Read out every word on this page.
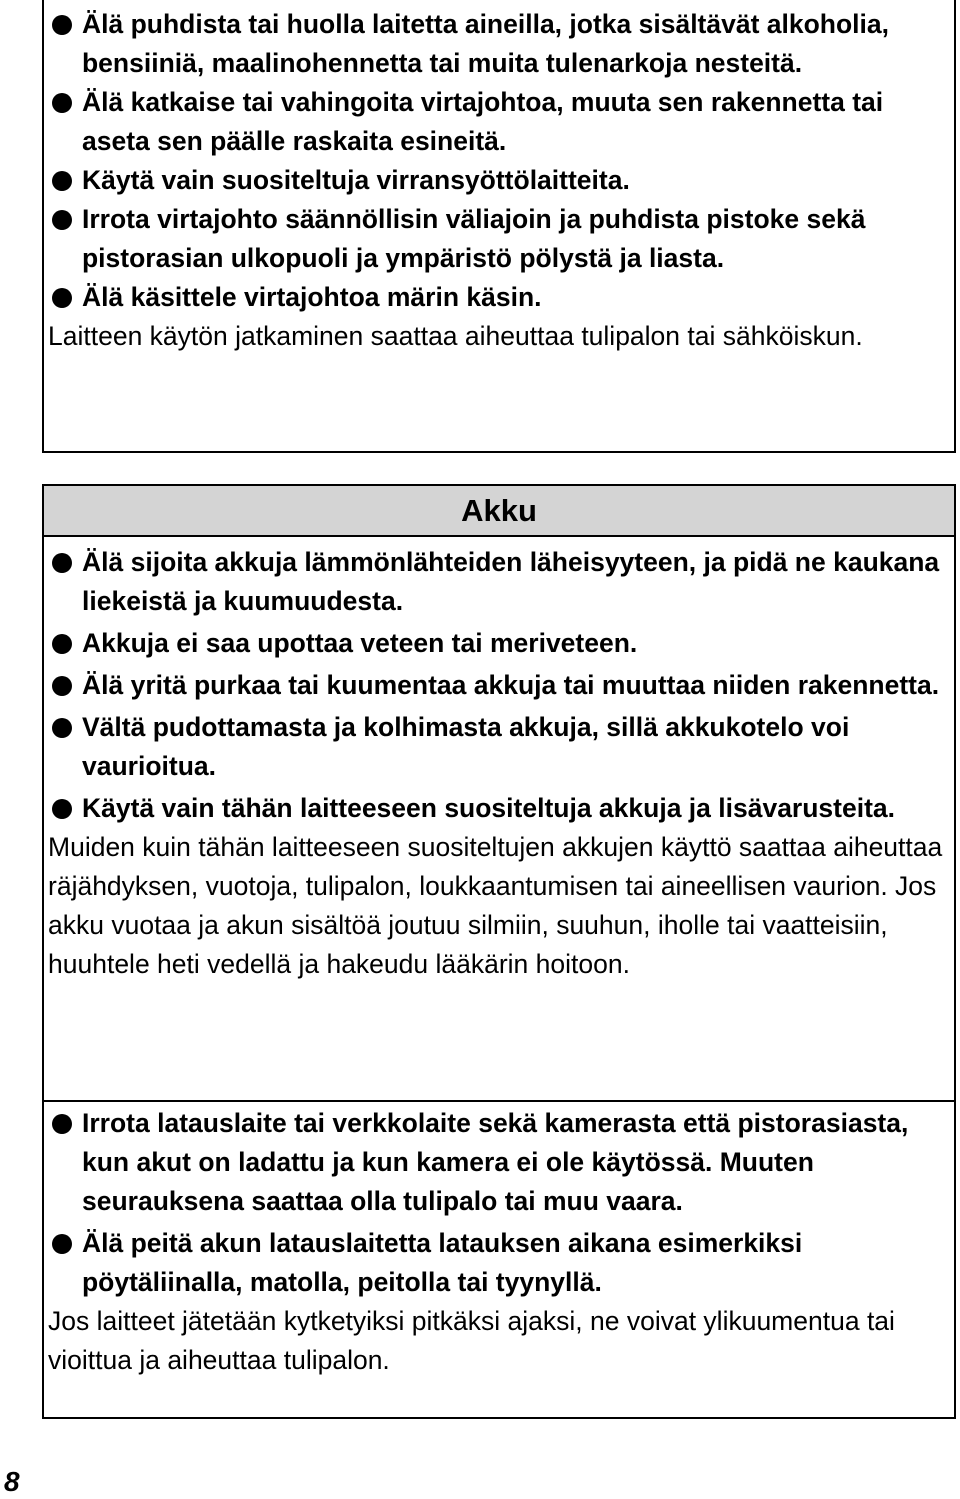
Älä puhdista tai huolla laitetta aineilla, jotka sisältävät alkoholia, bensiiniä, maalinohennetta tai muita tulenarkoja nesteitä.

Älä katkaise tai vahingoita virtajohtoa, muuta sen rakennetta tai aseta sen päälle raskaita esineitä.

Käytä vain suositeltuja virransyöttölaitteita.

Irrota virtajohto säännöllisin väliajoin ja puhdista pistoke sekä pistorasian ulkopuoli ja ympäristö pölystä ja liasta.

Älä käsittele virtajohtoa märin käsin.

Laitteen käytön jatkaminen saattaa aiheuttaa tulipalon tai sähköiskun.

Akku

Älä sijoita akkuja lämmönlähteiden läheisyyteen, ja pidä ne kaukana liekeistä ja kuumuudesta.

Akkuja ei saa upottaa veteen tai meriveteen.

Älä yritä purkaa tai kuumentaa akkuja tai muuttaa niiden rakennetta.

Vältä pudottamasta ja kolhimasta akkuja, sillä akkukotelo voi vaurioitua.

Käytä vain tähän laitteeseen suositeltuja akkuja ja lisävarusteita.

Muiden kuin tähän laitteeseen suositeltujen akkujen käyttö saattaa aiheuttaa räjähdyksen, vuotoja, tulipalon, loukkaantumisen tai aineellisen vaurion. Jos akku vuotaa ja akun sisältöä joutuu silmiin, suuhun, iholle tai vaatteisiin, huuhtele heti vedellä ja hakeudu lääkärin hoitoon.

Irrota latauslaite tai verkkolaite sekä kamerasta että pistorasiasta, kun akut on ladattu ja kun kamera ei ole käytössä. Muuten seurauksena saattaa olla tulipalo tai muu vaara.

Älä peitä akun latauslaitetta latauksen aikana esimerkiksi pöytäliinalla, matolla, peitolla tai tyynyllä.

Jos laitteet jätetään kytketyiksi pitkäksi ajaksi, ne voivat ylikuumentua tai vioittua ja aiheuttaa tulipalon.

8
